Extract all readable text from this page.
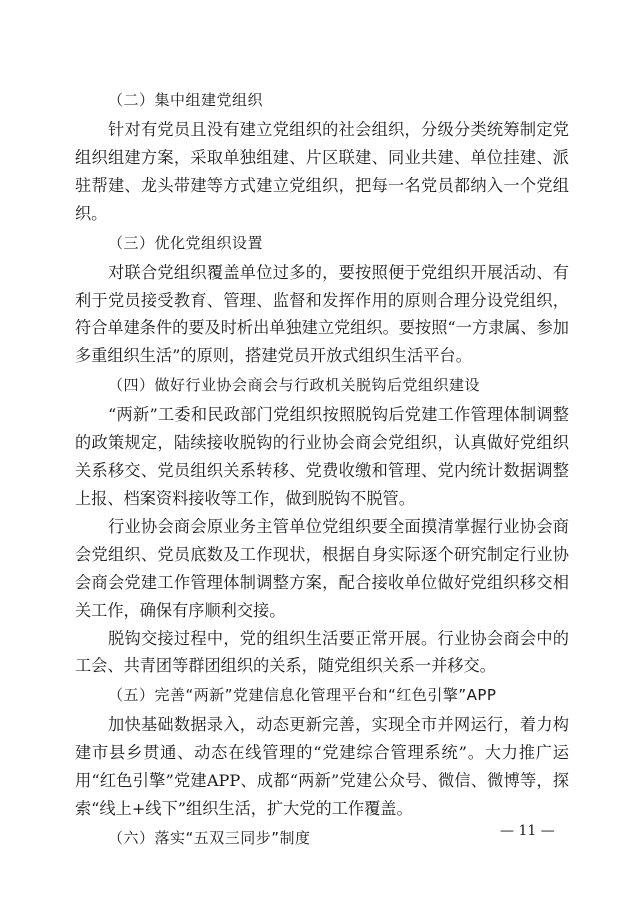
（二）集中组建党组织

针对有党员且没有建立党组织的社会组织，分级分类统筹制定党组织组建方案，采取单独组建、片区联建、同业共建、单位挂建、派驻帮建、龙头带建等方式建立党组织，把每一名党员都纳入一个党组织。

（三）优化党组织设置

对联合党组织覆盖单位过多的，要按照便于党组织开展活动、有利于党员接受教育、管理、监督和发挥作用的原则合理分设党组织，符合单建条件的要及时析出单独建立党组织。要按照“一方隶属、参加多重组织生活”的原则，搭建党员开放式组织生活平台。

（四）做好行业协会商会与行政机关脱钩后党组织建设

“两新”工委和民政部门党组织按照脱钩后党建工作管理体制调整的政策规定，陆续接收脱钩的行业协会商会党组织，认真做好党组织关系移交、党员组织关系转移、党费收缴和管理、党内统计数据调整上报、档案资料接收等工作，做到脱钩不脱管。

行业协会商会原业务主管单位党组织要全面摸清掌握行业协会商会党组织、党员底数及工作现状，根据自身实际逐个研究制定行业协会商会党建工作管理体制调整方案，配合接收单位做好党组织移交相关工作，确保有序顺利交接。

脱钩交接过程中，党的组织生活要正常开展。行业协会商会中的工会、共青团等群团组织的关系，随党组织关系一并移交。

（五）完善“两新”党建信息化管理平台和“红色引擎”APP

加快基础数据录入，动态更新完善，实现全市并网运行，着力构建市县乡贯通、动态在线管理的“党建综合管理系统”。大力推广运用“红色引擎”党建APP、成都“两新”党建公众号、微信、微博等，探索“线上+线下”组织生活，扩大党的工作覆盖。

（六）落实“五双三同步”制度	— 11 —
